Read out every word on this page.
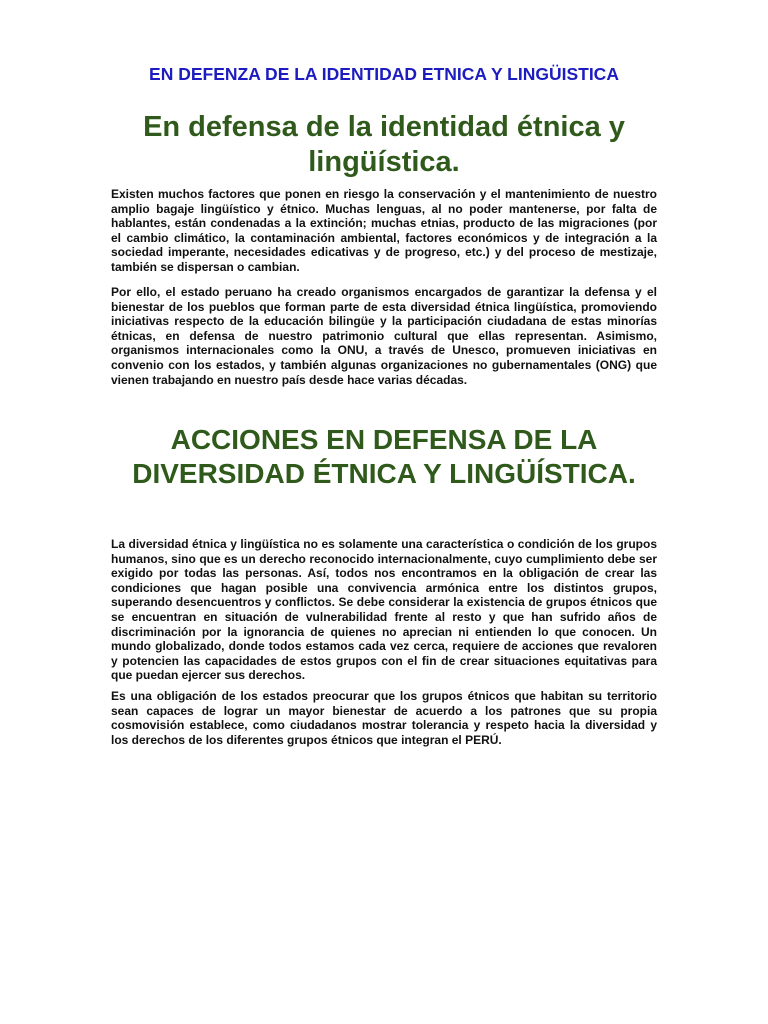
EN DEFENZA DE LA IDENTIDAD ETNICA Y LINGÜISTICA
En defensa de la identidad étnica y lingüística.

Existen muchos factores que ponen en riesgo la conservación y el mantenimiento de nuestro amplio bagaje lingüístico y étnico. Muchas lenguas, al no poder mantenerse, por falta de hablantes, están condenadas a la extinción; muchas etnias, producto de las migraciones (por el cambio climático, la contaminación ambiental, factores económicos y de integración a la sociedad imperante, necesidades edicativas y de progreso, etc.) y del proceso de mestizaje, también se dispersan o cambian.

Por ello, el estado peruano ha creado organismos encargados de garantizar la defensa y el bienestar de los pueblos que forman parte de esta diversidad étnica lingüística, promoviendo iniciativas respecto de la educación bilingüe y la participación ciudadana de estas minorías étnicas, en defensa de nuestro patrimonio cultural que ellas representan. Asimismo, organismos internacionales como la ONU, a través de Unesco, promueven iniciativas en convenio con los estados, y también algunas organizaciones no gubernamentales (ONG) que vienen trabajando en nuestro país desde hace varias décadas.

ACCIONES EN DEFENSA DE LA DIVERSIDAD ÉTNICA Y LINGÜÍSTICA.

La diversidad étnica y lingüística no es solamente una característica o condición de los grupos humanos, sino que es un derecho reconocido internacionalmente, cuyo cumplimiento debe ser exigido por todas las personas. Así, todos nos encontramos en la obligación de crear las condiciones que hagan posible una convivencia armónica entre los distintos grupos, superando desencuentros y conflictos. Se debe considerar la existencia de grupos étnicos que se encuentran en situación de vulnerabilidad frente al resto y que han sufrido años de discriminación por la ignorancia de quienes no aprecian ni entienden lo que conocen. Un mundo globalizado, donde todos estamos cada vez cerca, requiere de acciones que revaloren y potencien las capacidades de estos grupos con el fin de crear situaciones equitativas para que puedan ejercer sus derechos.

Es una obligación de los estados preocurar que los grupos étnicos que habitan su territorio sean capaces de lograr un mayor bienestar de acuerdo a los patrones que su propia cosmovisión establece, como ciudadanos mostrar tolerancia y respeto hacia la diversidad y los derechos de los diferentes grupos étnicos que integran el PERÚ.
